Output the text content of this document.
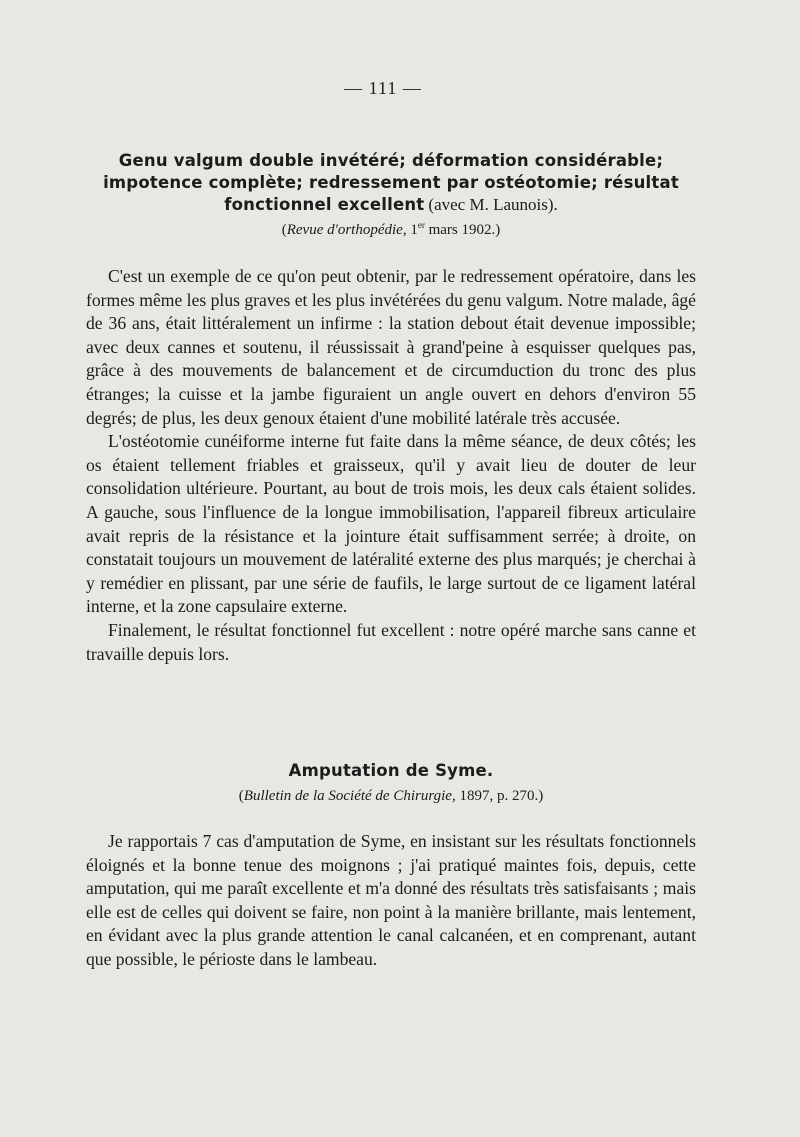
— 111 —
Genu valgum double invétéré; déformation considérable; impotence complète; redressement par ostéotomie; résultat fonctionnel excellent (avec M. Launois).
(Revue d'orthopédie, 1er mars 1902.)

C'est un exemple de ce qu'on peut obtenir, par le redressement opératoire, dans les formes même les plus graves et les plus invétérées du genu valgum. Notre malade, âgé de 36 ans, était littéralement un infirme : la station debout était devenue impossible; avec deux cannes et soutenu, il réussissait à grand'peine à esquisser quelques pas, grâce à des mouvements de balancement et de circumduction du tronc des plus étranges; la cuisse et la jambe figuraient un angle ouvert en dehors d'environ 55 degrés; de plus, les deux genoux étaient d'une mobilité latérale très accusée.

L'ostéotomie cunéiforme interne fut faite dans la même séance, de deux côtés; les os étaient tellement friables et graisseux, qu'il y avait lieu de douter de leur consolidation ultérieure. Pourtant, au bout de trois mois, les deux cals étaient solides. A gauche, sous l'influence de la longue immobilisation, l'appareil fibreux articulaire avait repris de la résistance et la jointure était suffisamment serrée; à droite, on constatait toujours un mouvement de latéralité externe des plus marqués; je cherchai à y remédier en plissant, par une série de faufils, le large surtout de ce ligament latéral interne, et la zone capsulaire externe.

Finalement, le résultat fonctionnel fut excellent : notre opéré marche sans canne et travaille depuis lors.

Amputation de Syme.
(Bulletin de la Société de Chirurgie, 1897, p. 270.)

Je rapportais 7 cas d'amputation de Syme, en insistant sur les résultats fonctionnels éloignés et la bonne tenue des moignons ; j'ai pratiqué maintes fois, depuis, cette amputation, qui me paraît excellente et m'a donné des résultats très satisfaisants ; mais elle est de celles qui doivent se faire, non point à la manière brillante, mais lentement, en évidant avec la plus grande attention le canal calcanéen, et en comprenant, autant que possible, le périoste dans le lambeau.
